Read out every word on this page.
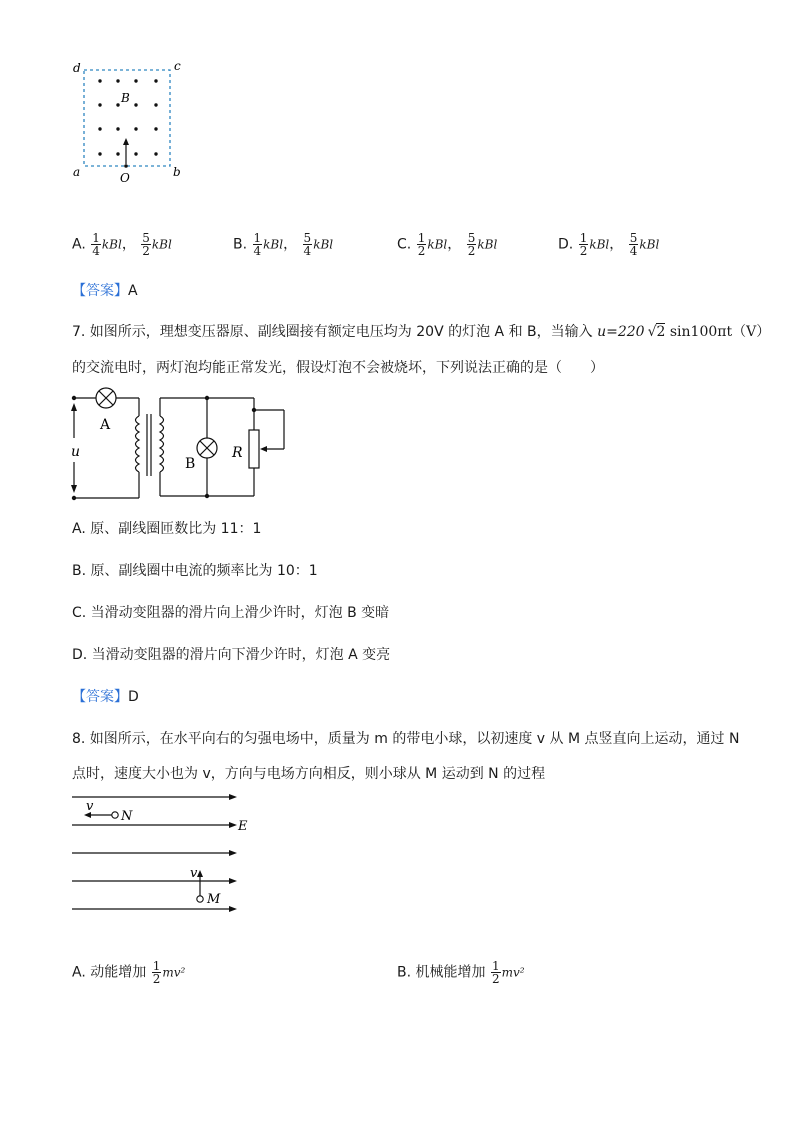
d	c
a	b
B
O
A. $\frac{1}{4}$ kBl， $\frac{5}{2}$ kBl	B. $\frac{1}{4}$ kBl， $\frac{5}{4}$ kBl	C. $\frac{1}{2}$ kBl， $\frac{5}{2}$ kBl	D. $\frac{1}{2}$ kBl， $\frac{5}{4}$ kBl
【答案】A
7. 如图所示，理想变压器原、副线圈接有额定电压均为 20V 的灯泡 A 和 B，当输入 u=220 √2 sin100πt（V）
的交流电时，两灯泡均能正常发光，假设灯泡不会被烧坏，下列说法正确的是（　　）
u
A
B
R
A. 原、副线圈匝数比为 11：1
B. 原、副线圈中电流的频率比为 10：1
C. 当滑动变阻器的滑片向上滑少许时，灯泡 B 变暗
D. 当滑动变阻器的滑片向下滑少许时，灯泡 A 变亮
【答案】D
8. 如图所示，在水平向右的匀强电场中，质量为 m 的带电小球，以初速度 v 从 M 点竖直向上运动，通过 N
点时，速度大小也为 v，方向与电场方向相反，则小球从 M 运动到 N 的过程
v
N
E
v
M
A. 动能增加 $\frac{1}{2} mv^2$	B. 机械能增加 $\frac{1}{2} mv^2$
